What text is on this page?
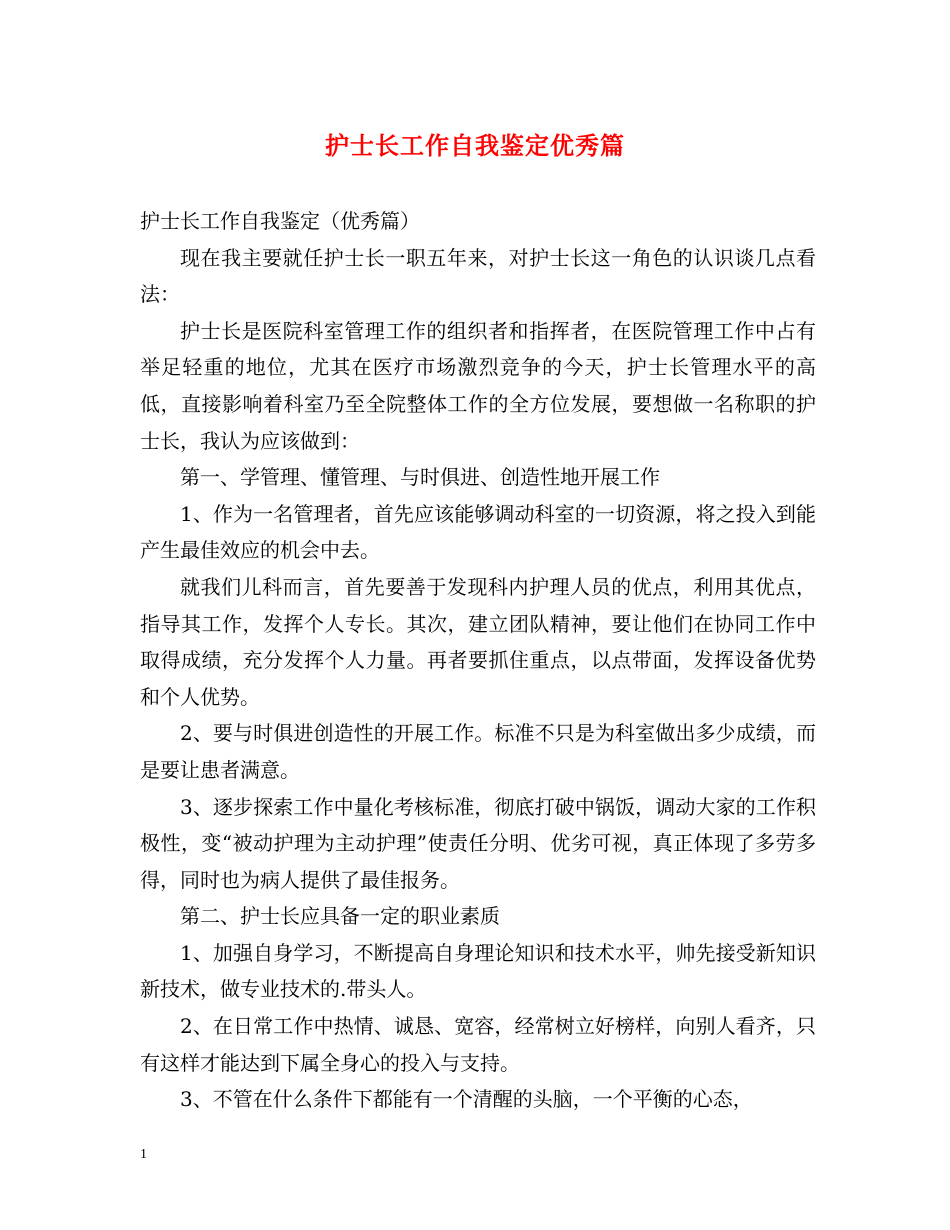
护士长工作自我鉴定优秀篇

护士长工作自我鉴定（优秀篇）

现在我主要就任护士长一职五年来，对护士长这一角色的认识谈几点看法：

护士长是医院科室管理工作的组织者和指挥者，在医院管理工作中占有举足轻重的地位，尤其在医疗市场激烈竞争的今天，护士长管理水平的高低，直接影响着科室乃至全院整体工作的全方位发展，要想做一名称职的护士长，我认为应该做到：

第一、学管理、懂管理、与时俱进、创造性地开展工作

1、作为一名管理者，首先应该能够调动科室的一切资源，将之投入到能产生最佳效应的机会中去。

就我们儿科而言，首先要善于发现科内护理人员的优点，利用其优点，指导其工作，发挥个人专长。其次，建立团队精神，要让他们在协同工作中取得成绩，充分发挥个人力量。再者要抓住重点，以点带面，发挥设备优势和个人优势。

2、要与时俱进创造性的开展工作。标准不只是为科室做出多少成绩，而是要让患者满意。

3、逐步探索工作中量化考核标准，彻底打破中锅饭，调动大家的工作积极性，变“被动护理为主动护理”使责任分明、优劣可视，真正体现了多劳多得，同时也为病人提供了最佳报务。

第二、护士长应具备一定的职业素质

1、加强自身学习，不断提高自身理论知识和技术水平，帅先接受新知识新技术，做专业技术的.带头人。

2、在日常工作中热情、诚恳、宽容，经常树立好榜样，向别人看齐，只有这样才能达到下属全身心的投入与支持。

3、不管在什么条件下都能有一个清醒的头脑，一个平衡的心态，

1
